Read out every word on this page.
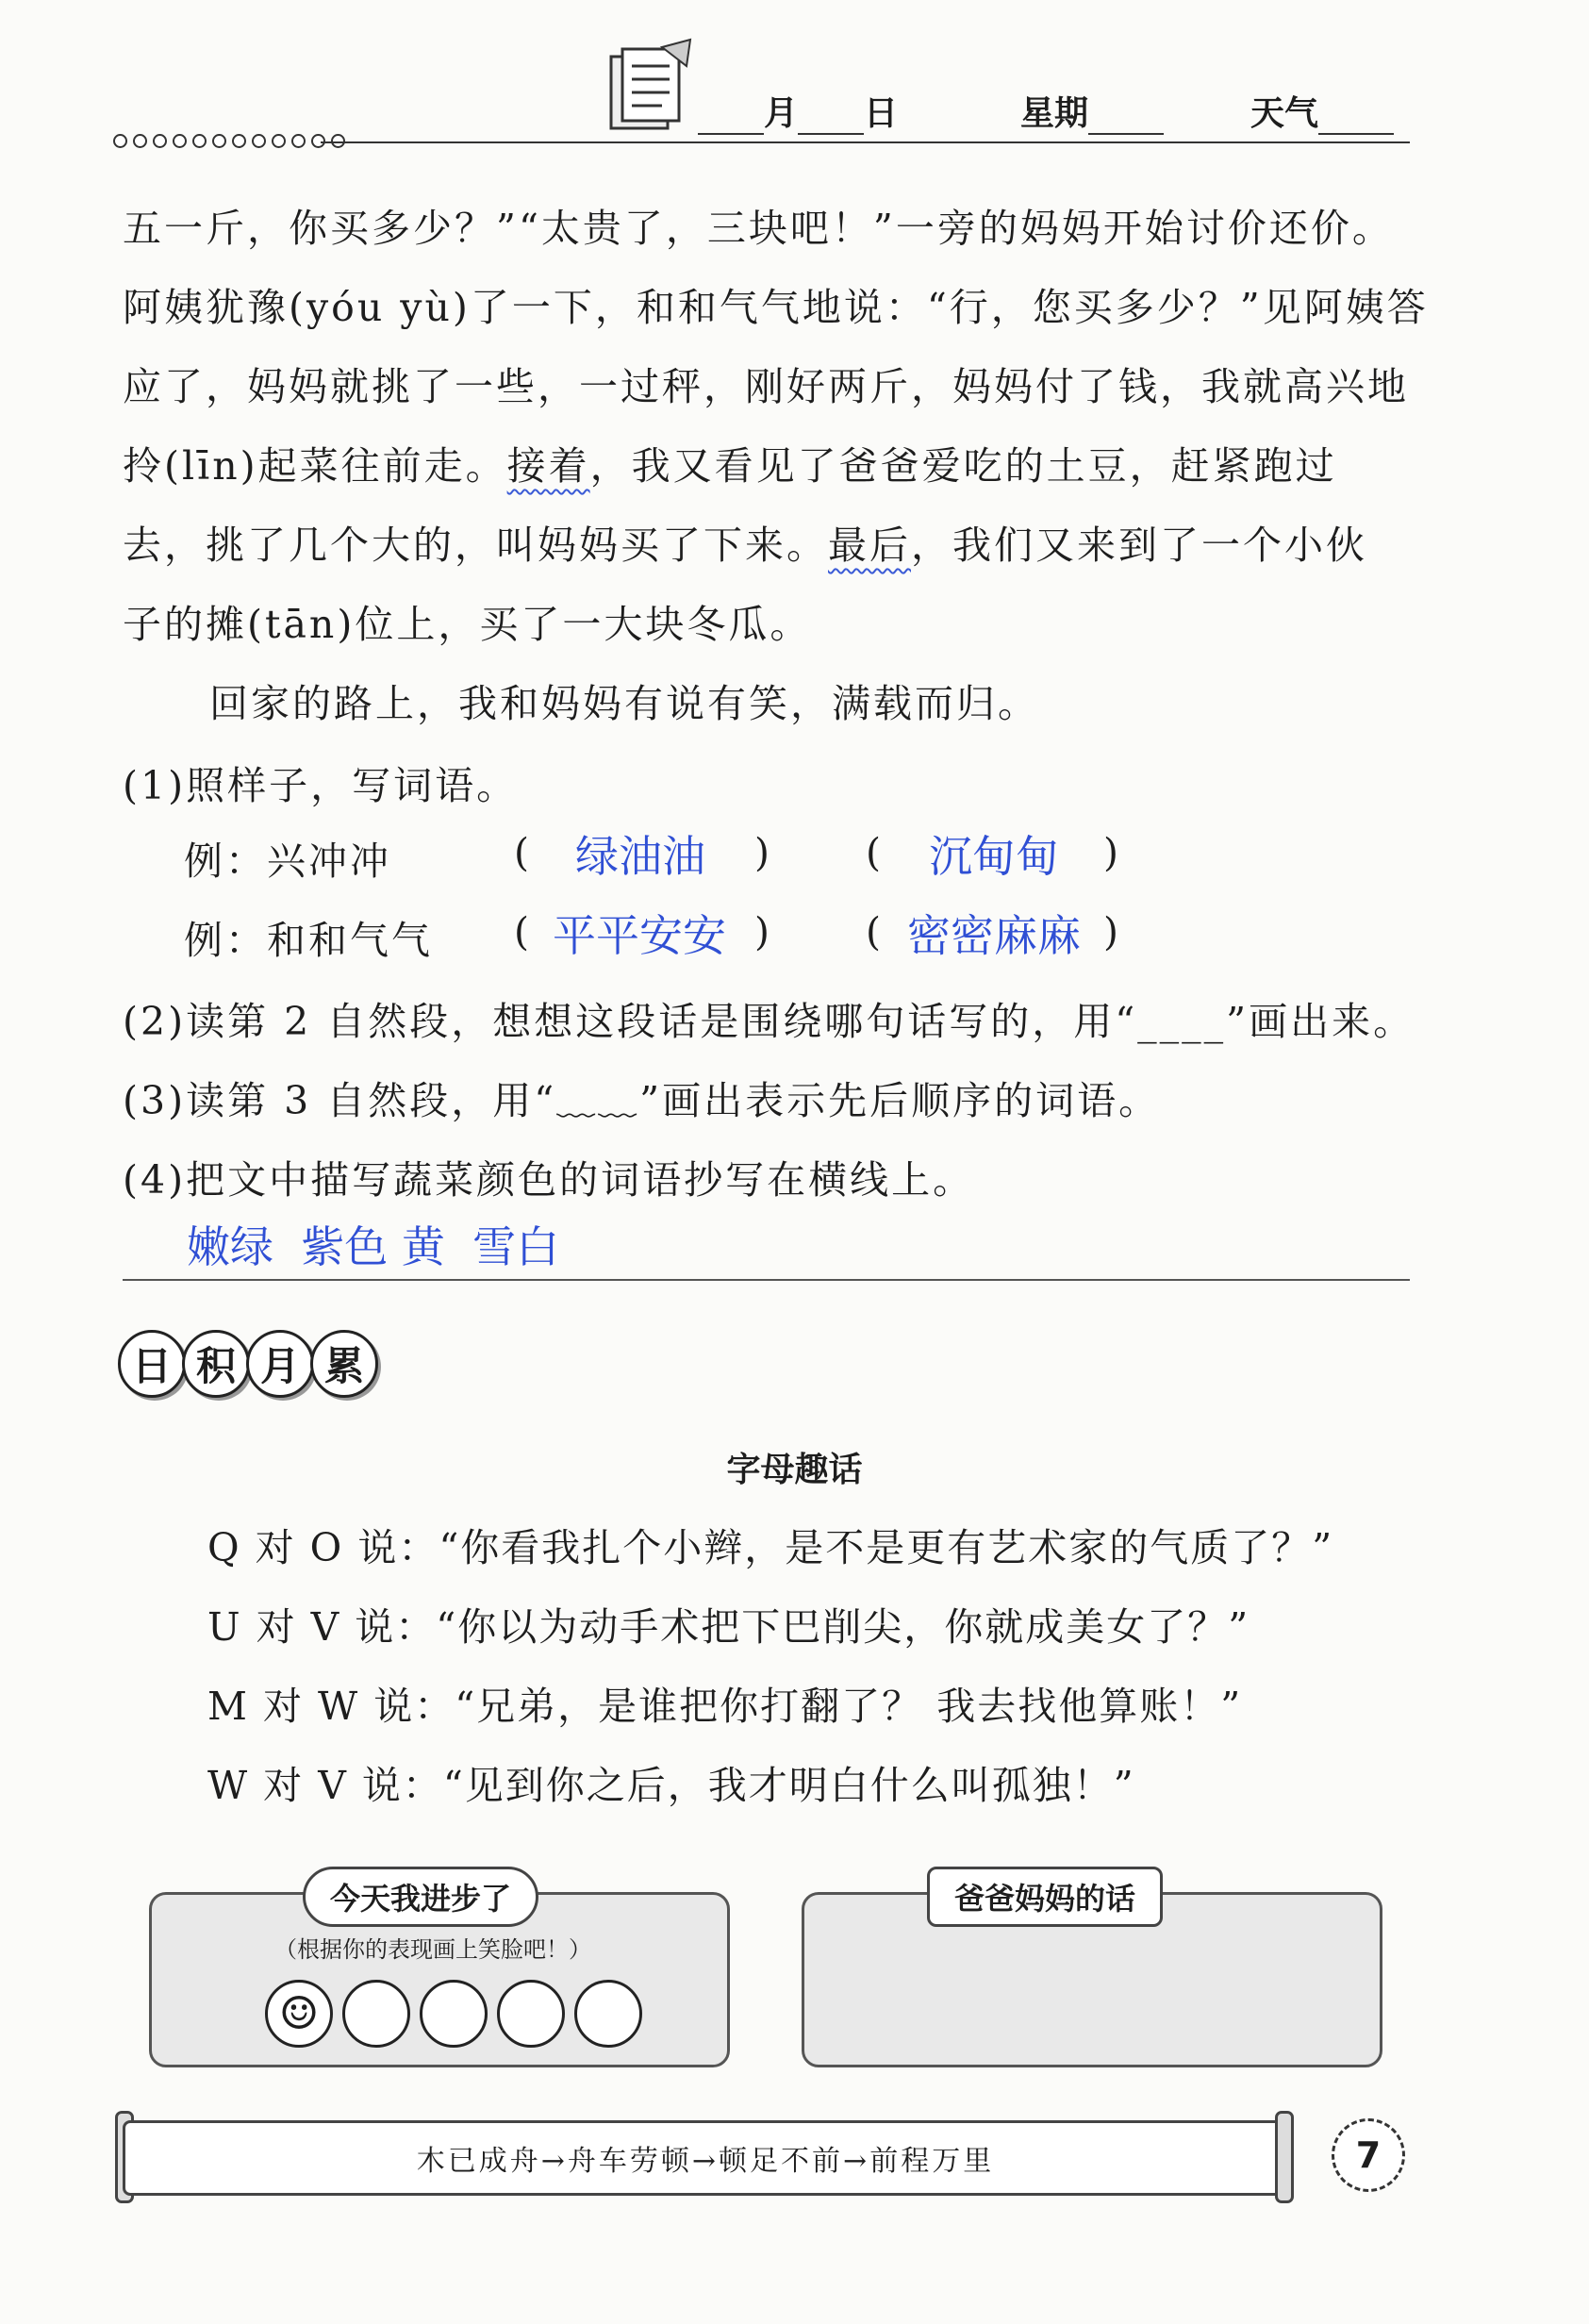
月 日	星期	天气
五一斤，你买多少？”“太贵了，三块吧！”一旁的妈妈开始讨价还价。
阿姨犹豫(yóu yù)了一下，和和气气地说：“行，您买多少？”见阿姨答
应了，妈妈就挑了一些，一过秤，刚好两斤，妈妈付了钱，我就高兴地
拎(līn)起菜往前走。接着，我又看见了爸爸爱吃的土豆，赶紧跑过
去，挑了几个大的，叫妈妈买了下来。最后，我们又来到了一个小伙
子的摊(tān)位上，买了一大块冬瓜。
回家的路上，我和妈妈有说有笑，满载而归。
(1)照样子，写词语。
例：兴冲冲	( 绿油油 ) ( 沉甸甸 )
例：和和气气 ( 平平安安 ) ( 密密麻麻 )
(2)读第 2 自然段，想想这段话是围绕哪句话写的，用“____”画出来。
(3)读第 3 自然段，用“﹏﹏”画出表示先后顺序的词语。
(4)把文中描写蔬菜颜色的词语抄写在横线上。
嫩绿  紫色 黄  雪白
日 积 月 累
字母趣话
Q 对 O 说：“你看我扎个小辫，是不是更有艺术家的气质了？”
U 对 V 说：“你以为动手术把下巴削尖，你就成美女了？”
M 对 W 说：“兄弟，是谁把你打翻了？ 我去找他算账！”
W 对 V 说：“见到你之后，我才明白什么叫孤独！”
今天我进步了
（根据你的表现画上笑脸吧！）
☺
爸爸妈妈的话
木已成舟→舟车劳顿→顿足不前→前程万里	7
